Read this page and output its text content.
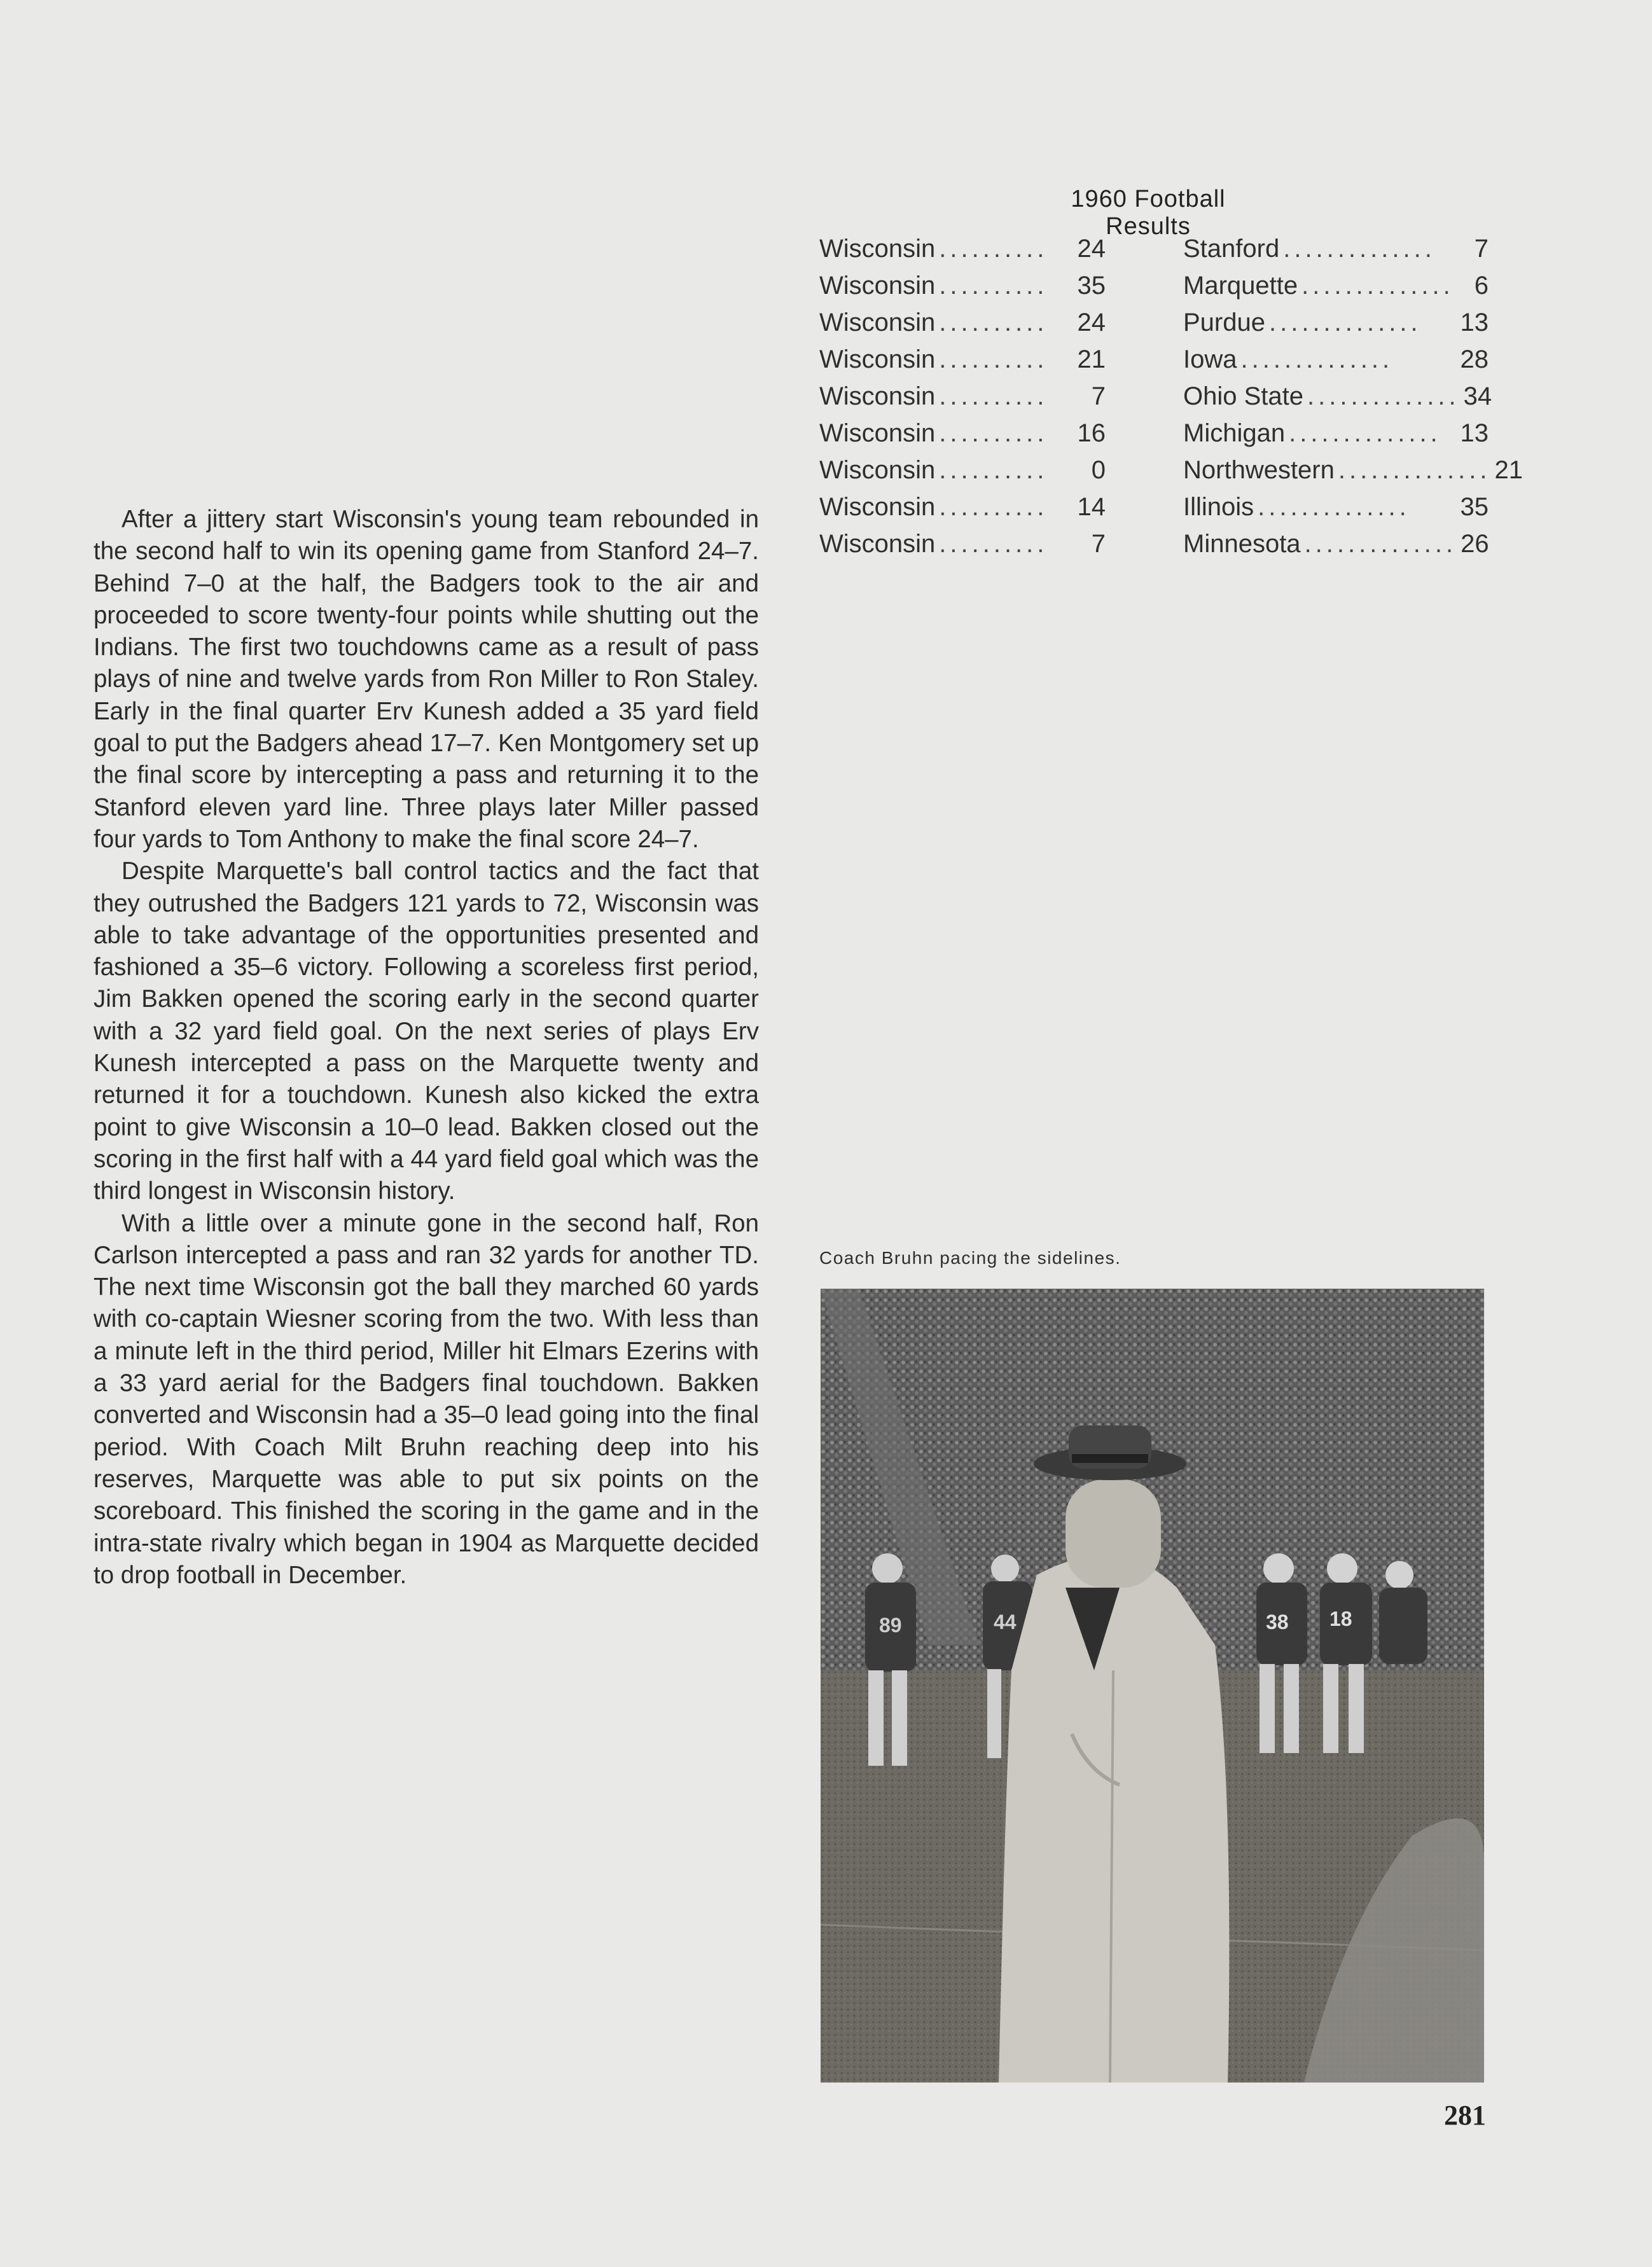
1960 Football Results
Wisconsin ..........	24	Stanford ..............	7
Wisconsin ..........	35	Marquette .............. 6
Wisconsin ..........	24	Purdue ..............	13
Wisconsin ..........	21	Iowa ..............	28
Wisconsin ..........	7	Ohio State .............. 34
Wisconsin ..........	16	Michigan .............. 13
Wisconsin ..........	0	Northwestern .............. 21
Wisconsin ..........	14	Illinois ..............	35
Wisconsin ..........	7	Minnesota .............. 26

After a jittery start Wisconsin's young team rebounded in the second half to win its opening game from Stanford 24–7. Behind 7–0 at the half, the Badgers took to the air and proceeded to score twenty-four points while shutting out the Indians. The first two touchdowns came as a result of pass plays of nine and twelve yards from Ron Miller to Ron Staley. Early in the final quarter Erv Kunesh added a 35 yard field goal to put the Badgers ahead 17–7. Ken Montgomery set up the final score by intercepting a pass and returning it to the Stanford eleven yard line. Three plays later Miller passed four yards to Tom Anthony to make the final score 24–7.

Despite Marquette's ball control tactics and the fact that they outrushed the Badgers 121 yards to 72, Wisconsin was able to take advantage of the opportunities presented and fashioned a 35–6 victory. Following a scoreless first period, Jim Bakken opened the scoring early in the second quarter with a 32 yard field goal. On the next series of plays Erv Kunesh intercepted a pass on the Marquette twenty and returned it for a touchdown. Kunesh also kicked the extra point to give Wisconsin a 10–0 lead. Bakken closed out the scoring in the first half with a 44 yard field goal which was the third longest in Wisconsin history.

With a little over a minute gone in the second half, Ron Carlson intercepted a pass and ran 32 yards for another TD. The next time Wisconsin got the ball they marched 60 yards with co-captain Wiesner scoring from the two. With less than a minute left in the third period, Miller hit Elmars Ezerins with a 33 yard aerial for the Badgers final touchdown. Bakken converted and Wisconsin had a 35–0 lead going into the final period. With Coach Milt Bruhn reaching deep into his reserves, Marquette was able to put six points on the scoreboard. This finished the scoring in the game and in the intra-state rivalry which began in 1904 as Marquette decided to drop football in December.

Coach Bruhn pacing the sidelines.
89	44	38 18
281
